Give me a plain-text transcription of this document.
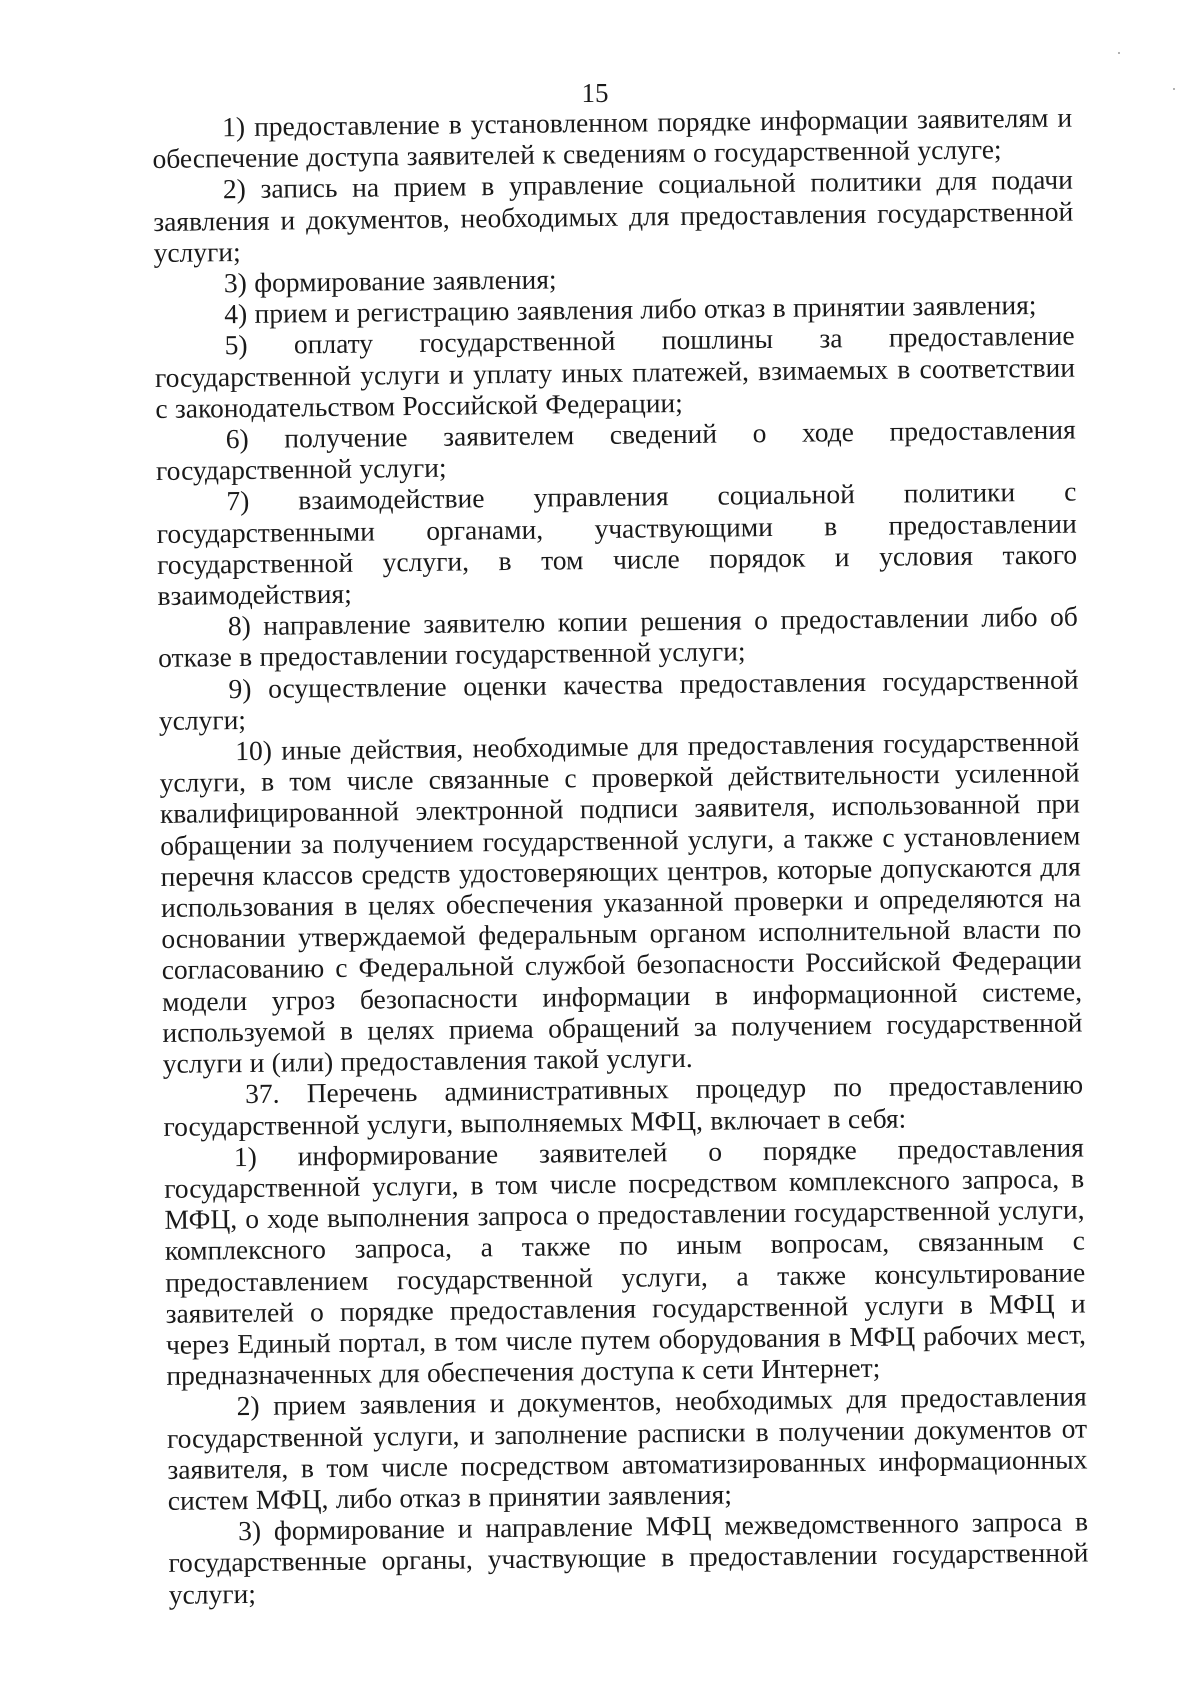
15

1) предоставление в установленном порядке информации заявителям и обеспечение доступа заявителей к сведениям о государственной услуге;

2) запись на прием в управление социальной политики для подачи заявления и документов, необходимых для предоставления государственной услуги;

3) формирование заявления;

4) прием и регистрацию заявления либо отказ в принятии заявления;

5) оплату государственной пошлины за предоставление государственной услуги и уплату иных платежей, взимаемых в соответствии с законодательством Российской Федерации;

6) получение заявителем сведений о ходе предоставления государственной услуги;

7) взаимодействие управления социальной политики с государственными органами, участвующими в предоставлении государственной услуги, в том числе порядок и условия такого взаимодействия;

8) направление заявителю копии решения о предоставлении либо об отказе в предоставлении государственной услуги;

9) осуществление оценки качества предоставления государственной услуги;

10) иные действия, необходимые для предоставления государственной услуги, в том числе связанные с проверкой действительности усиленной квалифицированной электронной подписи заявителя, использованной при обращении за получением государственной услуги, а также с установлением перечня классов средств удостоверяющих центров, которые допускаются для использования в целях обеспечения указанной проверки и определяются на основании утверждаемой федеральным органом исполнительной власти по согласованию с Федеральной службой безопасности Российской Федерации модели угроз безопасности информации в информационной системе, используемой в целях приема обращений за получением государственной услуги и (или) предоставления такой услуги.

37. Перечень административных процедур по предоставлению государственной услуги, выполняемых МФЦ, включает в себя:

1) информирование заявителей о порядке предоставления государственной услуги, в том числе посредством комплексного запроса, в МФЦ, о ходе выполнения запроса о предоставлении государственной услуги, комплексного запроса, а также по иным вопросам, связанным с предоставлением государственной услуги, а также консультирование заявителей о порядке предоставления государственной услуги в МФЦ и через Единый портал, в том числе путем оборудования в МФЦ рабочих мест, предназначенных для обеспечения доступа к сети Интернет;

2) прием заявления и документов, необходимых для предоставления государственной услуги, и заполнение расписки в получении документов от заявителя, в том числе посредством автоматизированных информационных систем МФЦ, либо отказ в принятии заявления;

3) формирование и направление МФЦ межведомственного запроса в государственные органы, участвующие в предоставлении государственной услуги;
